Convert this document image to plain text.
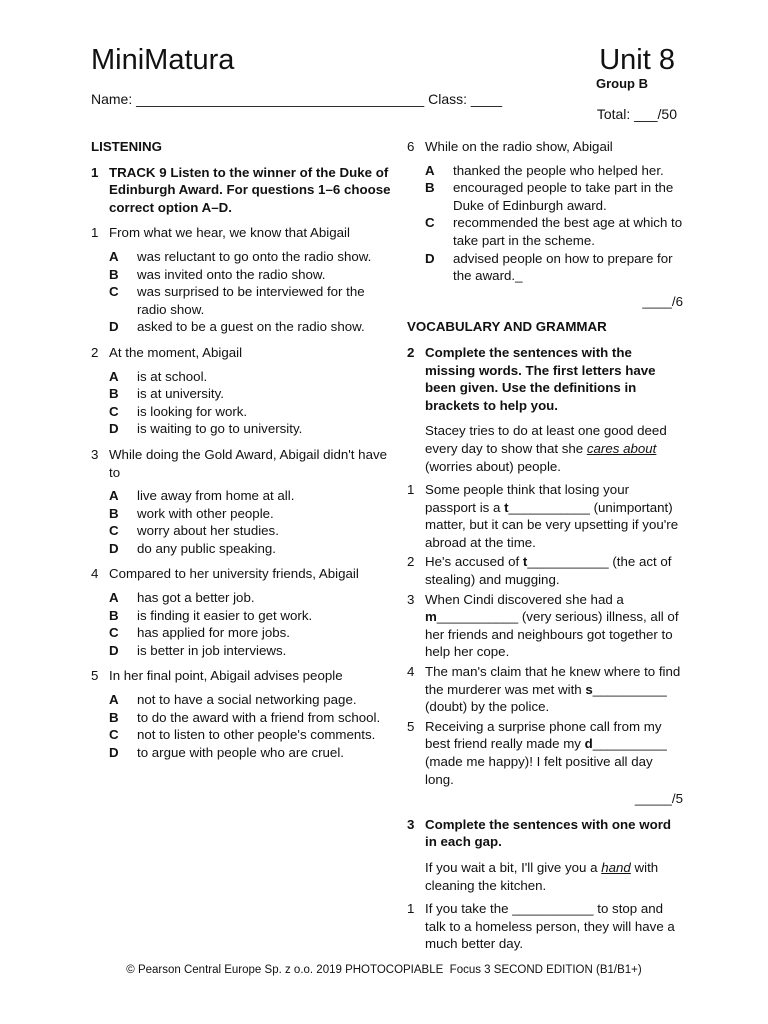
MiniMatura	Unit 8
Group B
Name: _____________________________________ Class: ____
Total: ___/50
LISTENING
1 TRACK 9 Listen to the winner of the Duke of Edinburgh Award. For questions 1–6 choose correct option A–D.
1 From what we hear, we know that Abigail
A	was reluctant to go onto the radio show.
B	was invited onto the radio show.
C	was surprised to be interviewed for the radio show.
D	asked to be a guest on the radio show.
2 At the moment, Abigail
A	is at school.
B	is at university.
C	is looking for work.
D	is waiting to go to university.
3 While doing the Gold Award, Abigail didn't have to
A	live away from home at all.
B	work with other people.
C	worry about her studies.
D	do any public speaking.
4 Compared to her university friends, Abigail
A	has got a better job.
B	is finding it easier to get work.
C	has applied for more jobs.
D	is better in job interviews.
5 In her final point, Abigail advises people
A	not to have a social networking page.
B	to do the award with a friend from school.
C	not to listen to other people's comments.
D	to argue with people who are cruel.
6 While on the radio show, Abigail
A	thanked the people who helped her.
B	encouraged people to take part in the Duke of Edinburgh award.
C	recommended the best age at which to take part in the scheme.
D	advised people on how to prepare for the award._
____/6
VOCABULARY AND GRAMMAR
2 Complete the sentences with the missing words. The first letters have been given. Use the definitions in brackets to help you.
Stacey tries to do at least one good deed every day to show that she cares about (worries about) people.
1 Some people think that losing your passport is a t___________ (unimportant) matter, but it can be very upsetting if you're abroad at the time.
2 He's accused of t___________ (the act of stealing) and mugging.
3 When Cindi discovered she had a m___________ (very serious) illness, all of her friends and neighbours got together to help her cope.
4 The man's claim that he knew where to find the murderer was met with s__________ (doubt) by the police.
5 Receiving a surprise phone call from my best friend really made my d__________ (made me happy)! I felt positive all day long.
_____/5
3 Complete the sentences with one word in each gap.
If you wait a bit, I'll give you a hand with cleaning the kitchen.
1 If you take the ___________ to stop and talk to a homeless person, they will have a much better day.
© Pearson Central Europe Sp. z o.o. 2019 PHOTOCOPIABLE  Focus 3 SECOND EDITION (B1/B1+)
